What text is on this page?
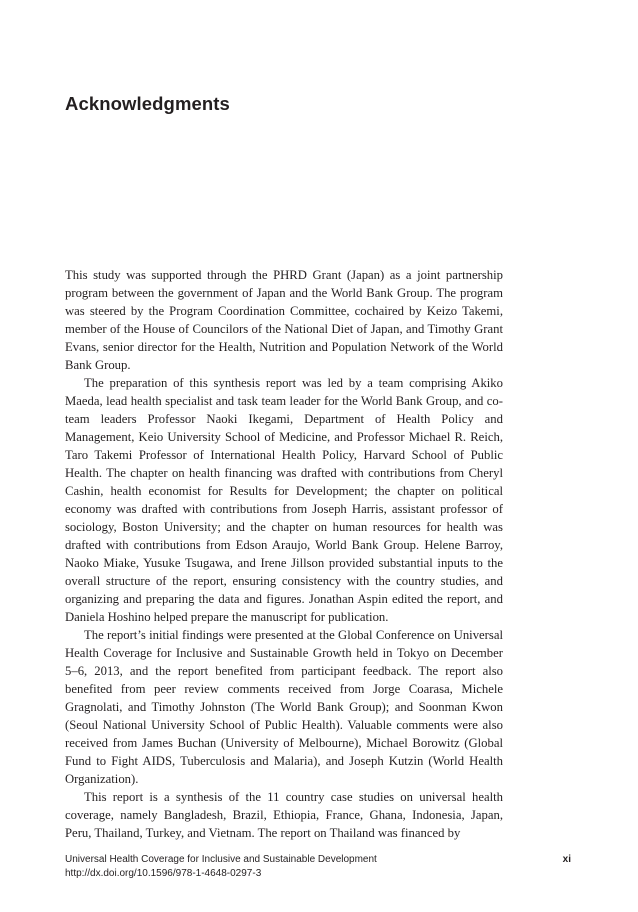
Acknowledgments

This study was supported through the PHRD Grant (Japan) as a joint partnership program between the government of Japan and the World Bank Group. The program was steered by the Program Coordination Committee, cochaired by Keizo Takemi, member of the House of Councilors of the National Diet of Japan, and Timothy Grant Evans, senior director for the Health, Nutrition and Population Network of the World Bank Group.

The preparation of this synthesis report was led by a team comprising Akiko Maeda, lead health specialist and task team leader for the World Bank Group, and co-team leaders Professor Naoki Ikegami, Department of Health Policy and Management, Keio University School of Medicine, and Professor Michael R. Reich, Taro Takemi Professor of International Health Policy, Harvard School of Public Health. The chapter on health financing was drafted with contributions from Cheryl Cashin, health economist for Results for Development; the chapter on political economy was drafted with contributions from Joseph Harris, assistant professor of sociology, Boston University; and the chapter on human resources for health was drafted with contributions from Edson Araujo, World Bank Group. Helene Barroy, Naoko Miake, Yusuke Tsugawa, and Irene Jillson provided substantial inputs to the overall structure of the report, ensuring consistency with the country studies, and organizing and preparing the data and figures. Jonathan Aspin edited the report, and Daniela Hoshino helped prepare the manuscript for publication.

The report’s initial findings were presented at the Global Conference on Universal Health Coverage for Inclusive and Sustainable Growth held in Tokyo on December 5–6, 2013, and the report benefited from participant feedback. The report also benefited from peer review comments received from Jorge Coarasa, Michele Gragnolati, and Timothy Johnston (The World Bank Group); and Soonman Kwon (Seoul National University School of Public Health). Valuable comments were also received from James Buchan (University of Melbourne), Michael Borowitz (Global Fund to Fight AIDS, Tuberculosis and Malaria), and Joseph Kutzin (World Health Organization).

This report is a synthesis of the 11 country case studies on universal health coverage, namely Bangladesh, Brazil, Ethiopia, France, Ghana, Indonesia, Japan, Peru, Thailand, Turkey, and Vietnam. The report on Thailand was financed by

Universal Health Coverage for Inclusive and Sustainable Development
http://dx.doi.org/10.1596/978-1-4648-0297-3
xi
